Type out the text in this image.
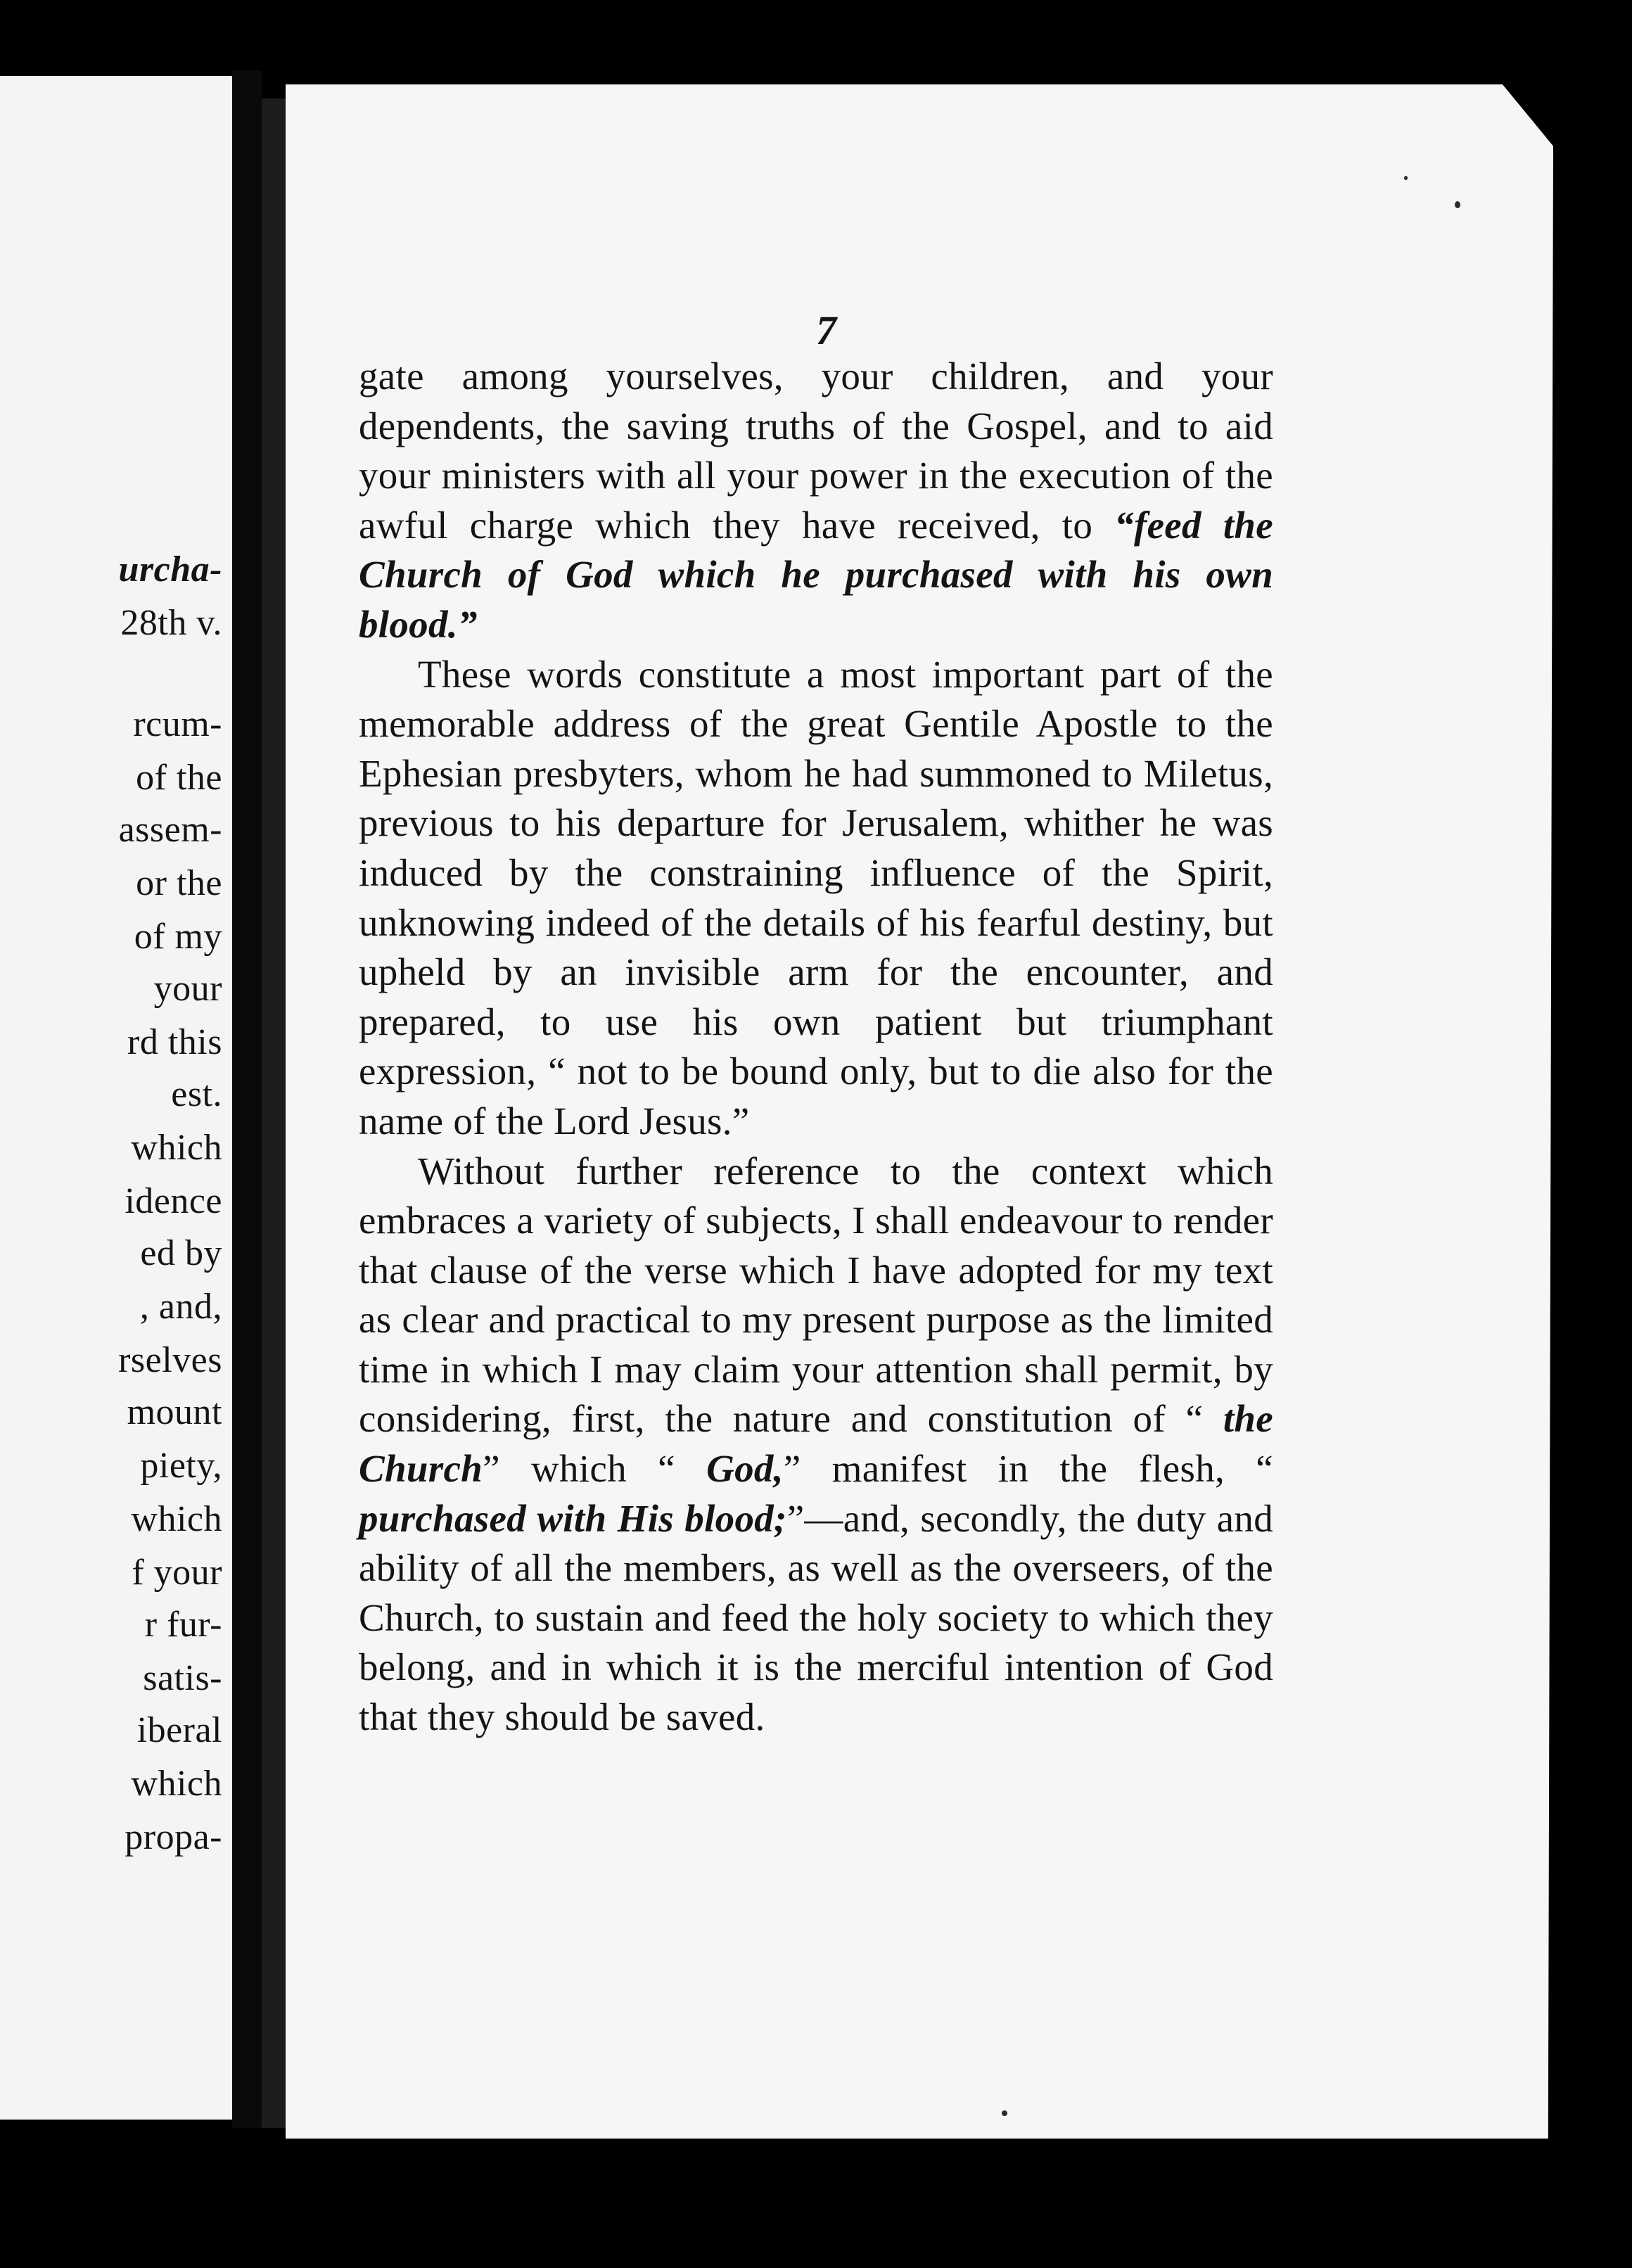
urcha-
28th v.
rcum-
of the
assem-
or the
of my
your
rd this
est.
which
idence
ed by
, and,
rselves
mount
piety,
which
f your
r fur-
satis-
iberal
which
propa-
7

gate among yourselves, your children, and your dependents, the saving truths of the Gospel, and to aid your ministers with all your power in the execution of the awful charge which they have received, to “feed the Church of God which he purchased with his own blood.”

These words constitute a most important part of the memorable address of the great Gentile Apostle to the Ephesian presbyters, whom he had summoned to Miletus, previous to his departure for Jerusalem, whither he was induced by the constraining influence of the Spirit, unknowing indeed of the details of his fearful destiny, but upheld by an invisible arm for the encounter, and prepared, to use his own patient but triumphant expression, “ not to be bound only, but to die also for the name of the Lord Jesus.”

Without further reference to the context which embraces a variety of subjects, I shall endeavour to render that clause of the verse which I have adopted for my text as clear and practical to my present purpose as the limited time in which I may claim your attention shall permit, by considering, first, the nature and constitution of “ the Church” which “ God,” manifest in the flesh, “ purchased with His blood;”—and, secondly, the duty and ability of all the members, as well as the overseers, of the Church, to sustain and feed the holy society to which they belong, and in which it is the merciful intention of God that they should be saved.
